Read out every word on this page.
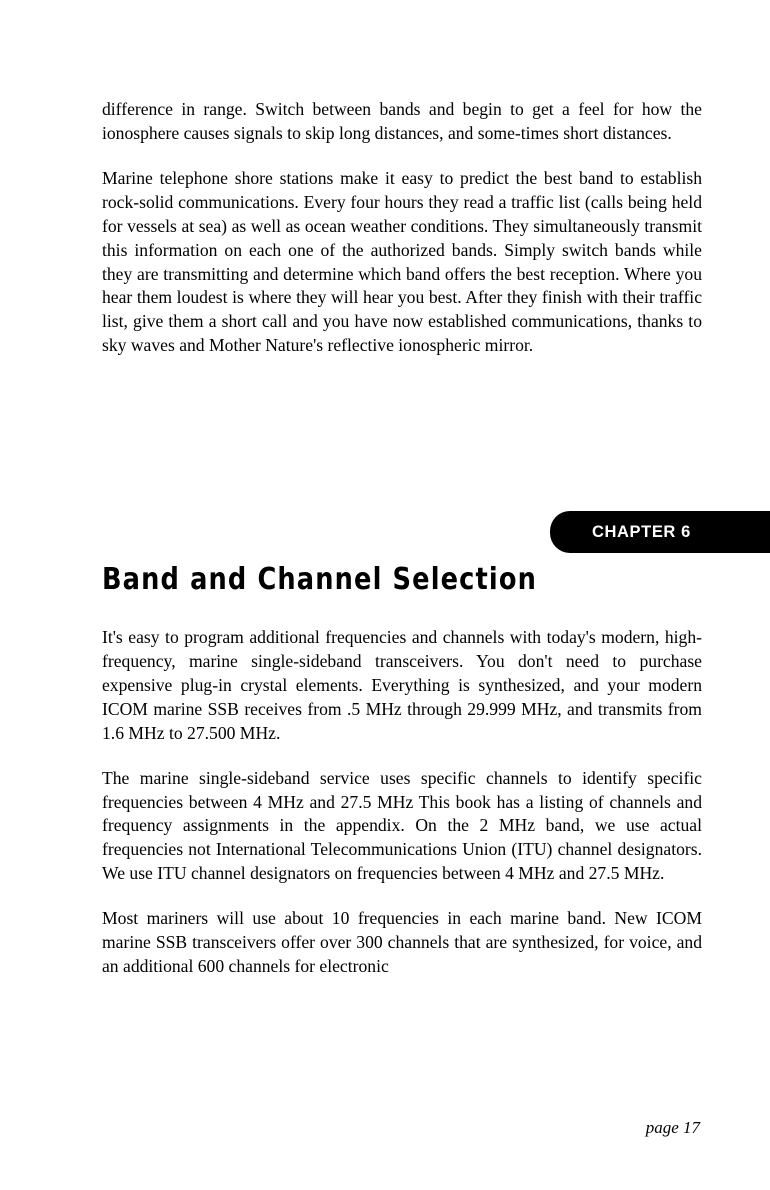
difference in range. Switch between bands and begin to get a feel for how the ionosphere causes signals to skip long distances, and some-times short distances.

Marine telephone shore stations make it easy to predict the best band to establish rock-solid communications. Every four hours they read a traffic list (calls being held for vessels at sea) as well as ocean weather conditions. They simultaneously transmit this information on each one of the authorized bands. Simply switch bands while they are transmitting and determine which band offers the best reception. Where you hear them loudest is where they will hear you best. After they finish with their traffic list, give them a short call and you have now established communications, thanks to sky waves and Mother Nature's reflective ionospheric mirror.

CHAPTER 6
Band and Channel Selection

It's easy to program additional frequencies and channels with today's modern, high-frequency, marine single-sideband transceivers. You don't need to purchase expensive plug-in crystal elements. Everything is synthesized, and your modern ICOM marine SSB receives from .5 MHz through 29.999 MHz, and transmits from 1.6 MHz to 27.500 MHz.

The marine single-sideband service uses specific channels to identify specific frequencies between 4 MHz and 27.5 MHz This book has a listing of channels and frequency assignments in the appendix. On the 2 MHz band, we use actual frequencies not International Telecommunications Union (ITU) channel designators. We use ITU channel designators on frequencies between 4 MHz and 27.5 MHz.

Most mariners will use about 10 frequencies in each marine band. New ICOM marine SSB transceivers offer over 300 channels that are synthesized, for voice, and an additional 600 channels for electronic

page 17
